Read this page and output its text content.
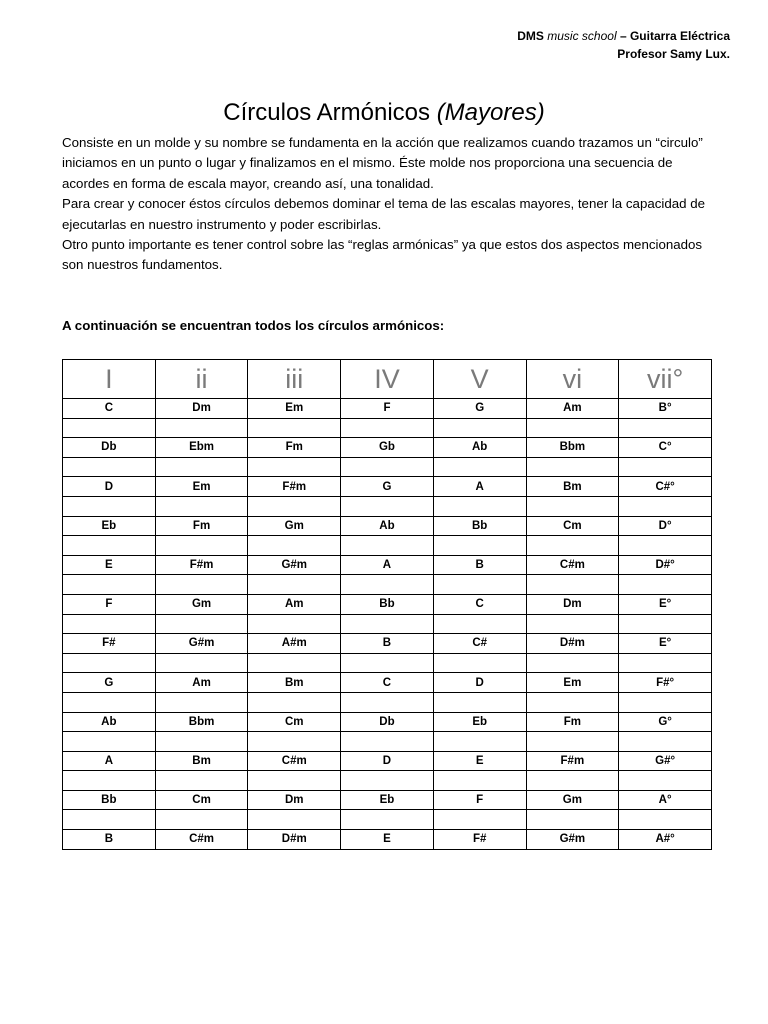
DMS music school – Guitarra Eléctrica
Profesor Samy Lux.
Círculos Armónicos (Mayores)

Consiste en un molde y su nombre se fundamenta en la acción que realizamos cuando trazamos un “circulo” iniciamos en un punto o lugar y finalizamos en el mismo. Éste molde nos proporciona una secuencia de acordes en forma de escala mayor, creando así, una tonalidad.

Para crear y conocer éstos círculos debemos dominar el tema de las escalas mayores, tener la capacidad de ejecutarlas en nuestro instrumento y poder escribirlas.

Otro punto importante es tener control sobre las “reglas armónicas” ya que estos dos aspectos mencionados son nuestros fundamentos.

A continuación se encuentran todos los círculos armónicos:
I	ii	iii	IV	V	vi	vii°
C	Dm	Em	F	G	Am	B°

Db	Ebm	Fm	Gb	Ab	Bbm	C°

D	Em	F#m	G	A	Bm	C#°

Eb	Fm	Gm	Ab	Bb	Cm	D°

E	F#m	G#m	A	B	C#m	D#°

F	Gm	Am	Bb	C	Dm	E°

F#	G#m	A#m	B	C#	D#m	E°

G	Am	Bm	C	D	Em	F#°

Ab	Bbm	Cm	Db	Eb	Fm	G°

A	Bm	C#m	D	E	F#m	G#°

Bb	Cm	Dm	Eb	F	Gm	A°

B	C#m	D#m	E	F#	G#m	A#°
